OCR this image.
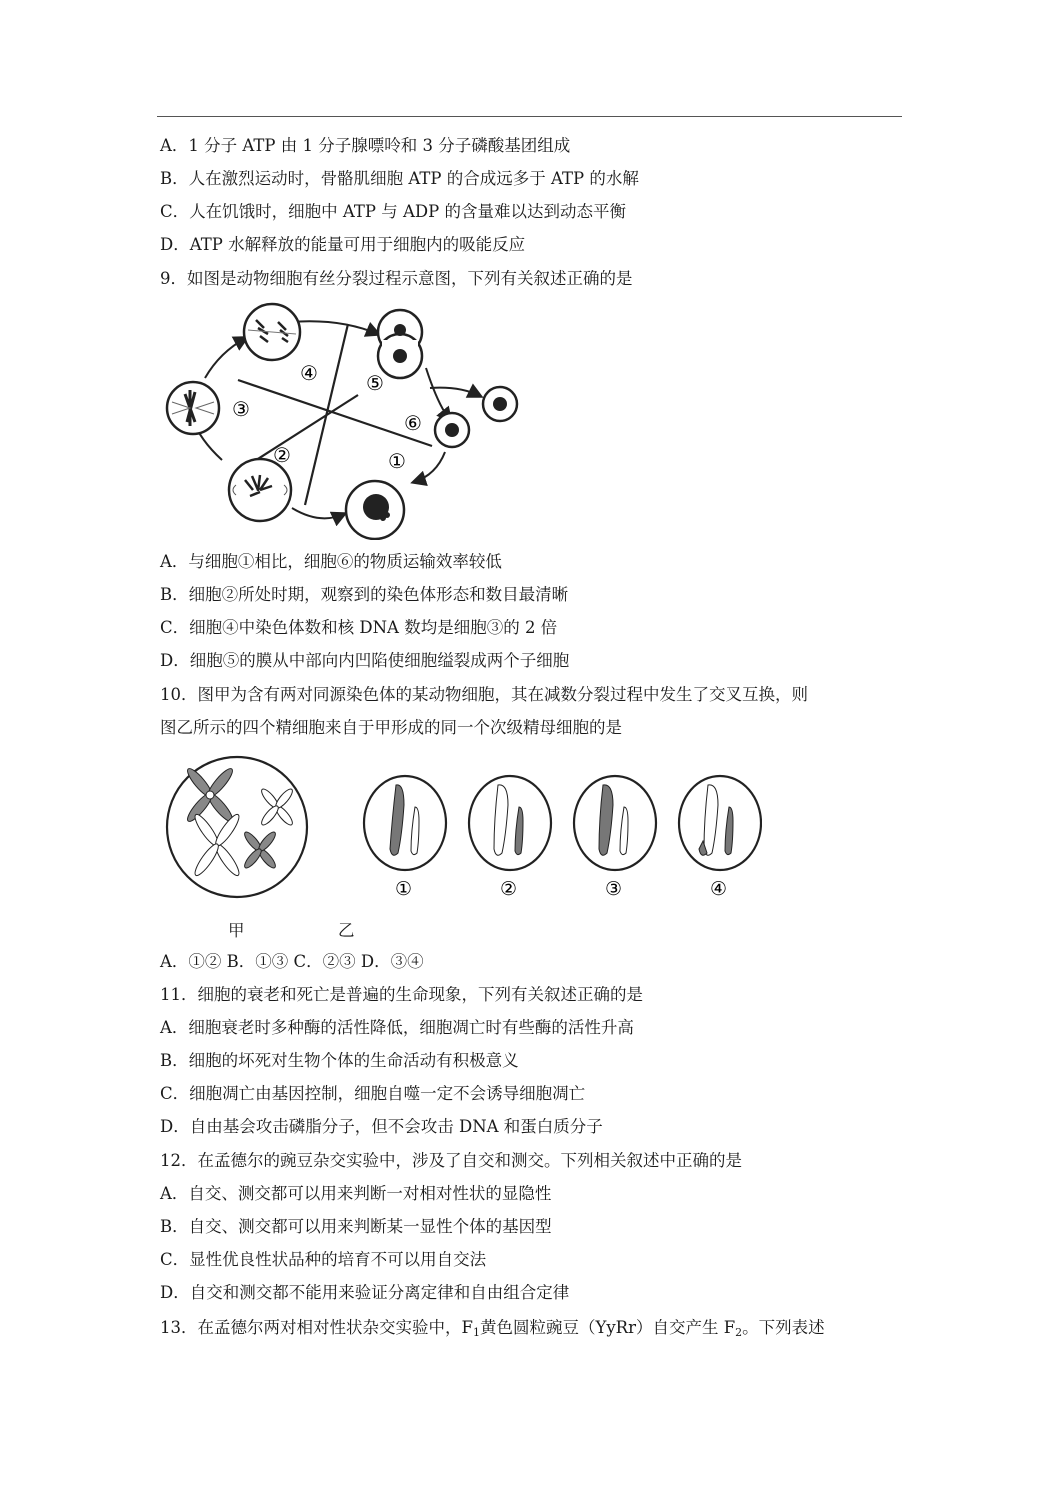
A．1 分子 ATP 由 1 分子腺嘌呤和 3 分子磷酸基团组成
B．人在激烈运动时，骨骼肌细胞 ATP 的合成远多于 ATP 的水解
C．人在饥饿时，细胞中 ATP 与 ADP 的含量难以达到动态平衡
D．ATP 水解释放的能量可用于细胞内的吸能反应
9．如图是动物细胞有丝分裂过程示意图，下列有关叙述正确的是
①
②
③
④ ⑤
⑥
A．与细胞①相比，细胞⑥的物质运输效率较低
B．细胞②所处时期，观察到的染色体形态和数目最清晰
C．细胞④中染色体数和核 DNA 数均是细胞③的 2 倍
D．细胞⑤的膜从中部向内凹陷使细胞缢裂成两个子细胞
10．图甲为含有两对同源染色体的某动物细胞，其在减数分裂过程中发生了交叉互换，则
图乙所示的四个精细胞来自于甲形成的同一个次级精母细胞的是
①	②	③	④
甲	乙
A．①② B．①③ C．②③ D．③④
11．细胞的衰老和死亡是普遍的生命现象，下列有关叙述正确的是
A．细胞衰老时多种酶的活性降低，细胞凋亡时有些酶的活性升高
B．细胞的坏死对生物个体的生命活动有积极意义
C．细胞凋亡由基因控制，细胞自噬一定不会诱导细胞凋亡
D．自由基会攻击磷脂分子，但不会攻击 DNA 和蛋白质分子
12．在孟德尔的豌豆杂交实验中，涉及了自交和测交。下列相关叙述中正确的是
A．自交、测交都可以用来判断一对相对性状的显隐性
B．自交、测交都可以用来判断某一显性个体的基因型
C．显性优良性状品种的培育不可以用自交法
D．自交和测交都不能用来验证分离定律和自由组合定律
13．在孟德尔两对相对性状杂交实验中，$F_1$黄色圆粒豌豆（YyRr）自交产生 $F_2$。下列表述
